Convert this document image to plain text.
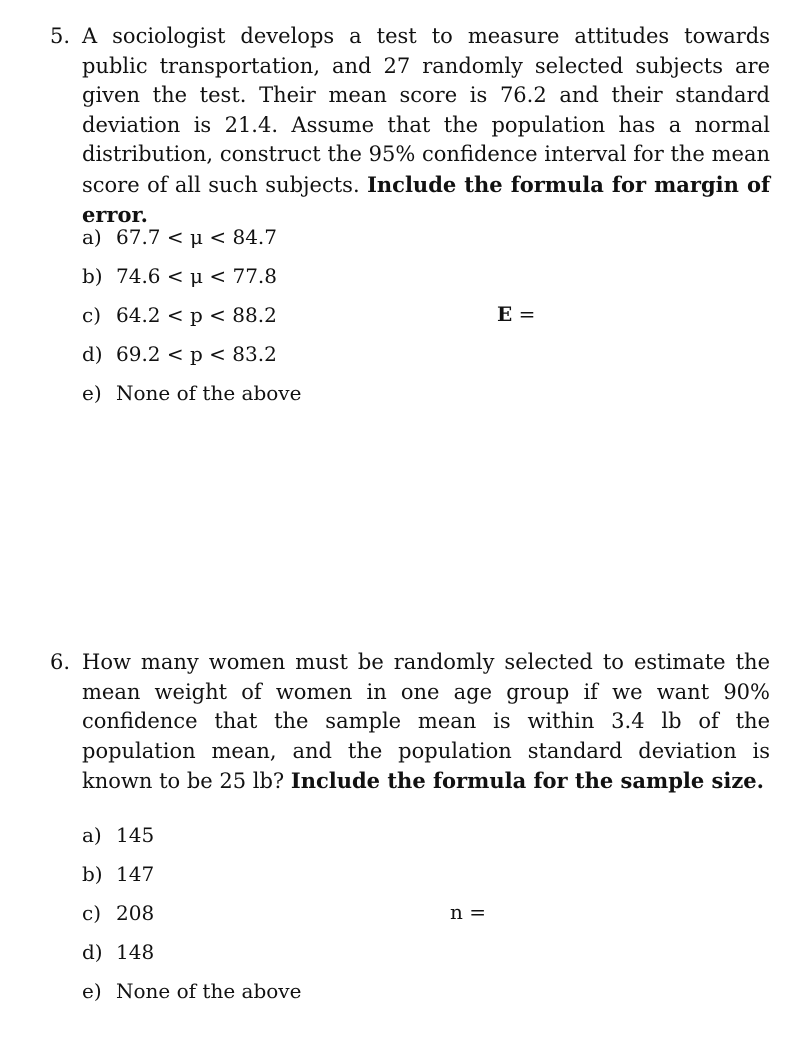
5. A sociologist develops a test to measure attitudes towards public transportation, and 27 randomly selected subjects are given the test. Their mean score is 76.2 and their standard deviation is 21.4. Assume that the population has a normal distribution, construct the 95% confidence interval for the mean score of all such subjects. Include the formula for margin of error.
a) 67.7 < μ < 84.7
b) 74.6 < μ < 77.8
c) 64.2 < p < 88.2
d) 69.2 < p < 83.2
e) None of the above
E =
6. How many women must be randomly selected to estimate the mean weight of women in one age group if we want 90% confidence that the sample mean is within 3.4 lb of the population mean, and the population standard deviation is known to be 25 lb? Include the formula for the sample size.
a) 145
b) 147
c) 208
d) 148
e) None of the above
n =
